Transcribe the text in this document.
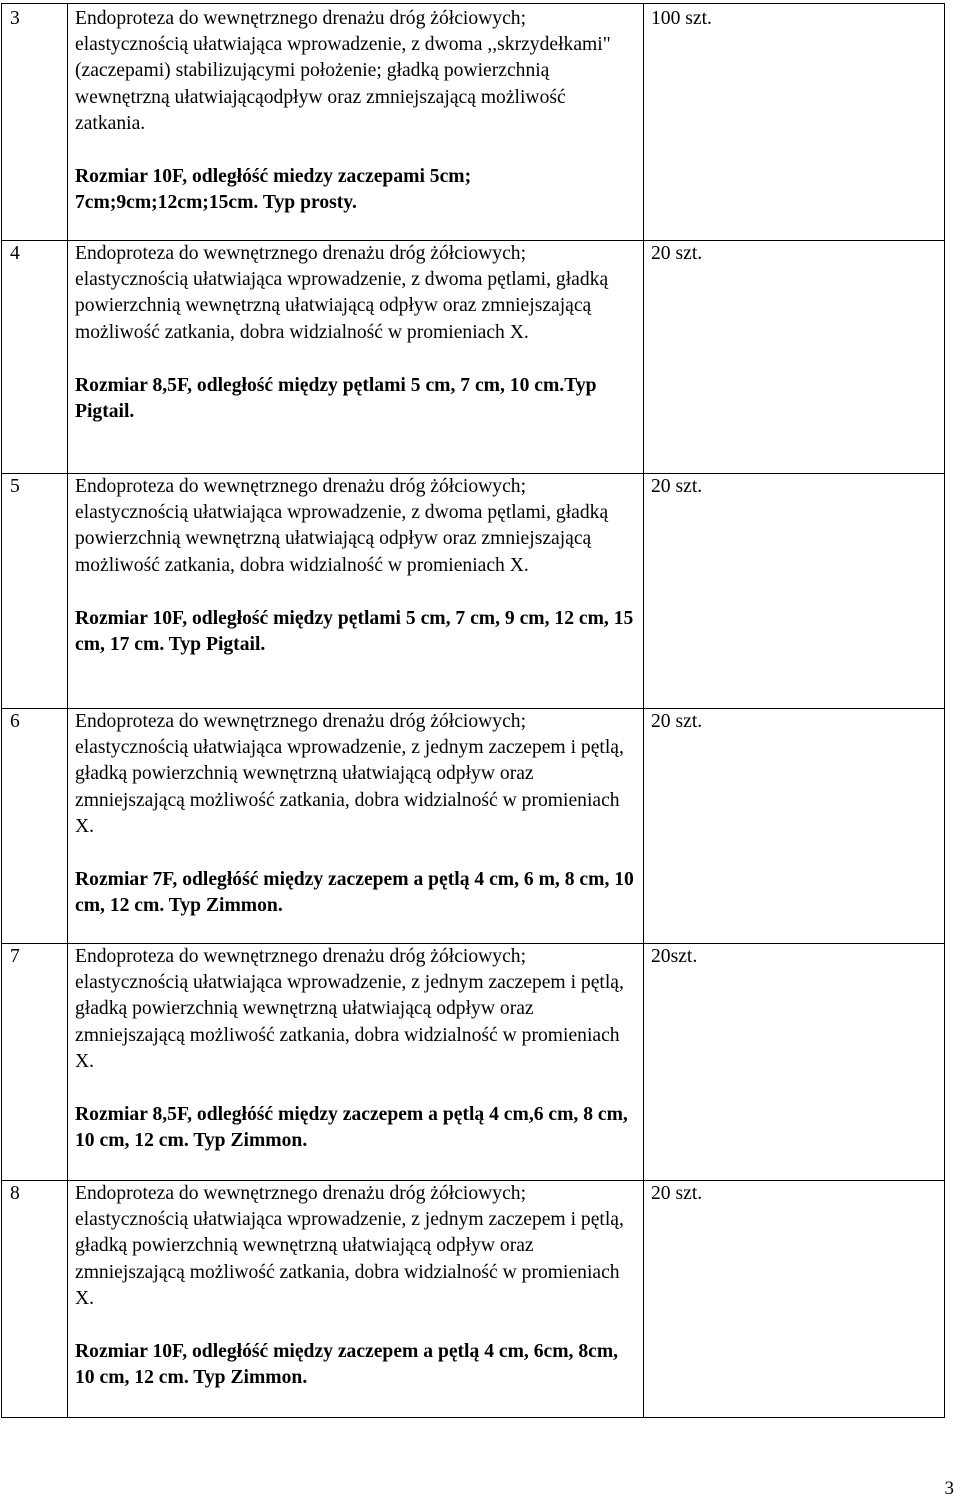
3	Endoproteza do wewnętrznego drenażu dróg żółciowych; elastycznością ułatwiająca wprowadzenie, z dwoma ,,skrzydełkami"(zaczepami) stabilizującymi położenie; gładką powierzchnią wewnętrzną ułatwiającąodpływ oraz zmniejszającą możliwość zatkania.
Rozmiar 10F, odległóść miedzy zaczepami 5cm; 7cm;9cm;12cm;15cm. Typ prosty.	100 szt.
4	Endoproteza do wewnętrznego drenażu dróg żółciowych; elastycznością ułatwiająca wprowadzenie, z dwoma pętlami, gładką powierzchnią wewnętrzną ułatwiającą odpływ oraz zmniejszającą możliwość zatkania, dobra widzialność w promieniach X.
Rozmiar 8,5F, odległość między pętlami 5 cm, 7 cm, 10 cm.Typ Pigtail.	20 szt.
5	Endoproteza do wewnętrznego drenażu dróg żółciowych; elastycznością ułatwiająca wprowadzenie, z dwoma pętlami, gładką powierzchnią wewnętrzną ułatwiającą odpływ oraz zmniejszającą możliwość zatkania, dobra widzialność w promieniach X.
Rozmiar 10F, odległość między pętlami 5 cm, 7 cm, 9 cm, 12 cm, 15 cm, 17 cm. Typ Pigtail.	20 szt.
6	Endoproteza do wewnętrznego drenażu dróg żółciowych; elastycznością ułatwiająca wprowadzenie, z jednym zaczepem i pętlą, gładką powierzchnią wewnętrzną ułatwiającą odpływ oraz zmniejszającą możliwość zatkania, dobra widzialność w promieniach X.
Rozmiar 7F, odległóść między zaczepem a pętlą 4 cm, 6 m, 8 cm, 10 cm, 12 cm. Typ Zimmon.	20 szt.
7	Endoproteza do wewnętrznego drenażu dróg żółciowych; elastycznością ułatwiająca wprowadzenie, z jednym zaczepem i pętlą, gładką powierzchnią wewnętrzną ułatwiającą odpływ oraz zmniejszającą możliwość zatkania, dobra widzialność w promieniach X.
Rozmiar 8,5F, odległóść między zaczepem a pętlą 4 cm,6 cm, 8 cm, 10 cm, 12 cm. Typ Zimmon.	20szt.
8	Endoproteza do wewnętrznego drenażu dróg żółciowych; elastycznością ułatwiająca wprowadzenie, z jednym zaczepem i pętlą, gładką powierzchnią wewnętrzną ułatwiającą odpływ oraz zmniejszającą możliwość zatkania, dobra widzialność w promieniach X.
Rozmiar 10F, odległóść między zaczepem a pętlą 4 cm, 6cm, 8cm, 10 cm, 12 cm. Typ Zimmon.	20 szt.
3
